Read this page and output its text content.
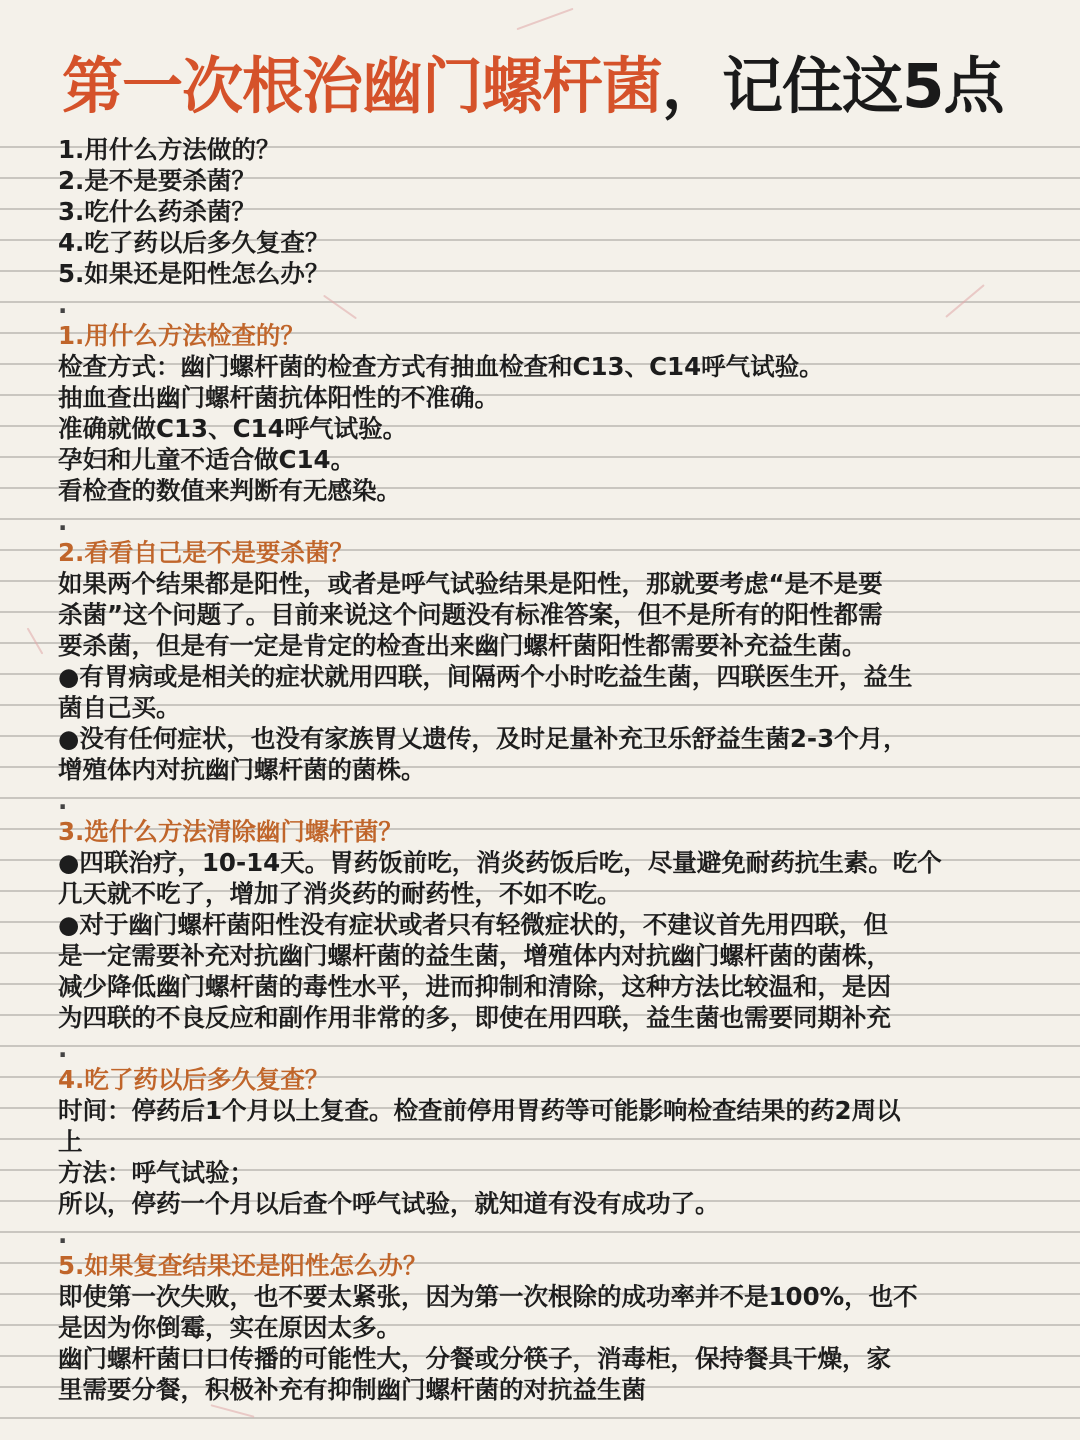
第一次根治幽门螺杆菌，记住这5点
1.用什么方法做的？
2.是不是要杀菌？
3.吃什么药杀菌？
4.吃了药以后多久复查？
5.如果还是阳性怎么办？
.
1.用什么方法检查的？
检查方式：幽门螺杆菌的检查方式有抽血检查和C13、C14呼气试验。
抽血查出幽门螺杆菌抗体阳性的不准确。
准确就做C13、C14呼气试验。
孕妇和儿童不适合做C14。
看检查的数值来判断有无感染。
.
2.看看自己是不是要杀菌？
如果两个结果都是阳性，或者是呼气试验结果是阳性，那就要考虑“是不是要
杀菌”这个问题了。目前来说这个问题没有标准答案，但不是所有的阳性都需
要杀菌，但是有一定是肯定的检查出来幽门螺杆菌阳性都需要补充益生菌。
●有胃病或是相关的症状就用四联，间隔两个小时吃益生菌，四联医生开，益生
菌自己买。
●没有任何症状，也没有家族胃乂遗传，及时足量补充卫乐舒益生菌2-3个月，
增殖体内对抗幽门螺杆菌的菌株。
.
3.选什么方法清除幽门螺杆菌？
●四联治疗，10-14天。胃药饭前吃，消炎药饭后吃，尽量避免耐药抗生素。吃个
几天就不吃了，增加了消炎药的耐药性，不如不吃。
●对于幽门螺杆菌阳性没有症状或者只有轻微症状的，不建议首先用四联，但
是一定需要补充对抗幽门螺杆菌的益生菌，增殖体内对抗幽门螺杆菌的菌株，
减少降低幽门螺杆菌的毒性水平，进而抑制和清除，这种方法比较温和，是因
为四联的不良反应和副作用非常的多，即使在用四联，益生菌也需要同期补充
.
4.吃了药以后多久复查？
时间：停药后1个月以上复查。检查前停用胃药等可能影响检查结果的药2周以
上
方法：呼气试验；
所以，停药一个月以后查个呼气试验，就知道有没有成功了。
.
5.如果复查结果还是阳性怎么办？
即使第一次失败，也不要太紧张，因为第一次根除的成功率并不是100%，也不
是因为你倒霉，实在原因太多。
幽门螺杆菌口口传播的可能性大，分餐或分筷子，消毒柜，保持餐具干燥，家
里需要分餐，积极补充有抑制幽门螺杆菌的对抗益生菌
